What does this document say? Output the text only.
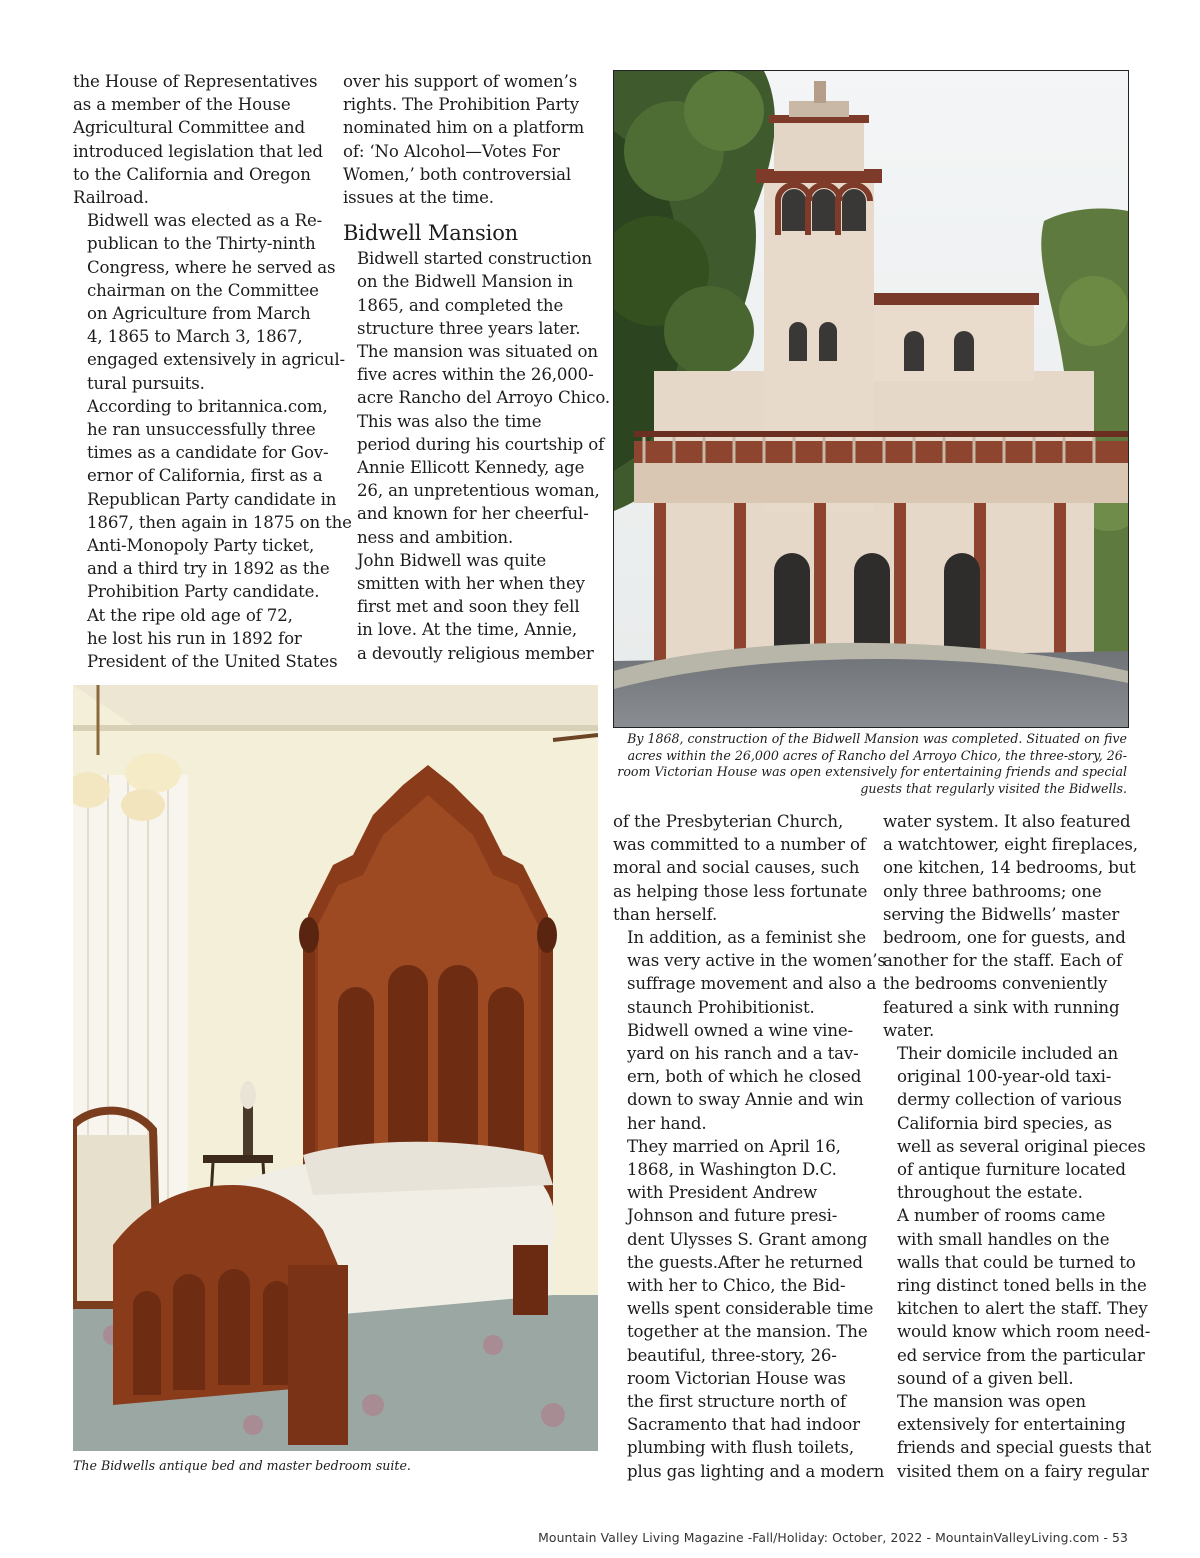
the House of Representatives
as a member of the House
Agricultural Committee and
introduced legislation that led
to the California and Oregon
Railroad.

Bidwell was elected as a Re-
publican to the Thirty-ninth
Congress, where he served as
chairman on the Committee
on Agriculture from March
4, 1865 to March 3, 1867,
engaged extensively in agricul-
tural pursuits.

According to britannica.com,
he ran unsuccessfully three
times as a candidate for Gov-
ernor of California, first as a
Republican Party candidate in
1867, then again in 1875 on the
Anti-Monopoly Party ticket,
and a third try in 1892 as the
Prohibition Party candidate.

At the ripe old age of 72,
he lost his run in 1892 for
President of the United States

over his support of women’s
rights. The Prohibition Party
nominated him on a platform
of: ‘No Alcohol—Votes For
Women,’ both controversial
issues at the time.

Bidwell Mansion

Bidwell started construction
on the Bidwell Mansion in
1865, and completed the
structure three years later.
The mansion was situated on
five acres within the 26,000-
acre Rancho del Arroyo Chico.

This was also the time
period during his courtship of
Annie Ellicott Kennedy, age
26, an unpretentious woman,
and known for her cheerful-
ness and ambition.

John Bidwell was quite
smitten with her when they
first met and soon they fell
in love. At the time, Annie,
a devoutly religious member

By 1868, construction of the Bidwell Mansion was completed. Situated on five
acres within the 26,000 acres of Rancho del Arroyo Chico, the three-story, 26-
room Victorian House was open extensively for entertaining friends and special
guests that regularly visited the Bidwells.
The Bidwells antique bed and master bedroom suite.

of the Presbyterian Church,
was committed to a number of
moral and social causes, such
as helping those less fortunate
than herself.

In addition, as a feminist she
was very active in the women’s
suffrage movement and also a
staunch Prohibitionist.

Bidwell owned a wine vine-
yard on his ranch and a tav-
ern, both of which he closed
down to sway Annie and win
her hand.

They married on April 16,
1868, in Washington D.C.
with President Andrew
Johnson and future presi-
dent Ulysses S. Grant among
the guests.After he returned
with her to Chico, the Bid-
wells spent considerable time
together at the mansion. The
beautiful, three-story, 26-
room Victorian House was
the first structure north of
Sacramento that had indoor
plumbing with flush toilets,
plus gas lighting and a modern

water system. It also featured
a watchtower, eight fireplaces,
one kitchen, 14 bedrooms, but
only three bathrooms; one
serving the Bidwells’ master
bedroom, one for guests, and
another for the staff. Each of
the bedrooms conveniently
featured a sink with running
water.

Their domicile included an
original 100-year-old taxi-
dermy collection of various
California bird species, as
well as several original pieces
of antique furniture located
throughout the estate.

A number of rooms came
with small handles on the
walls that could be turned to
ring distinct toned bells in the
kitchen to alert the staff. They
would know which room need-
ed service from the particular
sound of a given bell.

The mansion was open
extensively for entertaining
friends and special guests that
visited them on a fairy regular

Mountain Valley Living Magazine -Fall/Holiday: October, 2022 - MountainValleyLiving.com - 53
